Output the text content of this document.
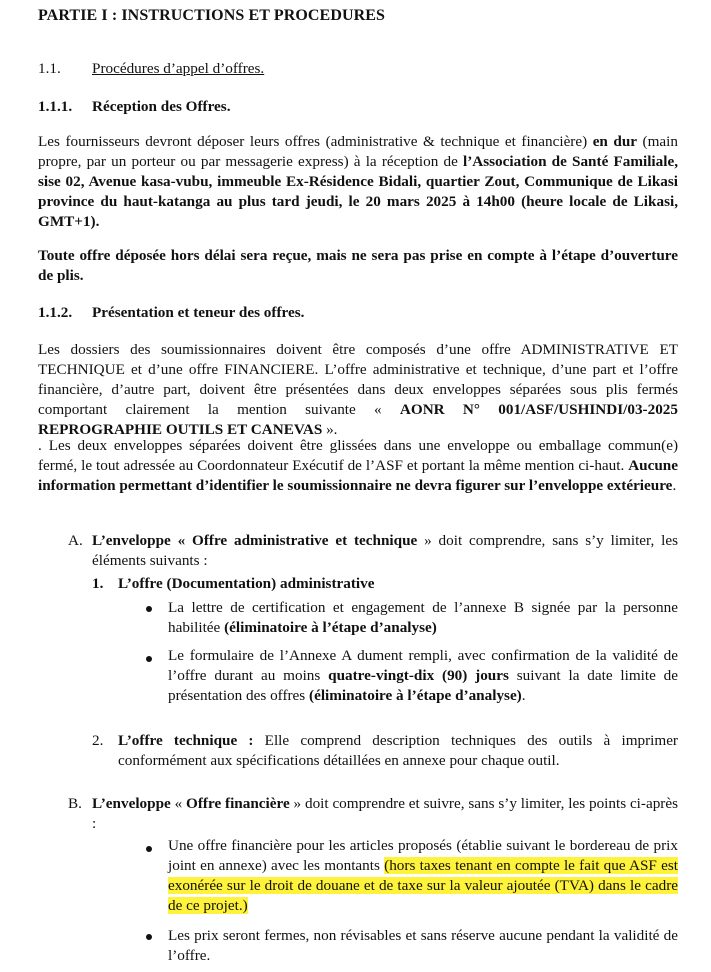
PARTIE I : INSTRUCTIONS ET PROCEDURES

1.1. Procédures d’appel d’offres.

1.1.1. Réception des Offres.

Les fournisseurs devront déposer leurs offres (administrative & technique et financière) en dur (main propre, par un porteur ou par messagerie express) à la réception de l’Association de Santé Familiale, sise 02, Avenue kasa-vubu, immeuble Ex-Résidence Bidali, quartier Zout, Communique de Likasi province du haut-katanga au plus tard jeudi, le 20 mars 2025 à 14h00 (heure locale de Likasi, GMT+1).

Toute offre déposée hors délai sera reçue, mais ne sera pas prise en compte à l’étape d’ouverture de plis.

1.1.2. Présentation et teneur des offres.

Les dossiers des soumissionnaires doivent être composés d’une offre ADMINISTRATIVE ET TECHNIQUE et d’une offre FINANCIERE. L’offre administrative et technique, d’une part et l’offre financière, d’autre part, doivent être présentées dans deux enveloppes séparées sous plis fermés comportant clairement la mention suivante « AONR N° 001/ASF/USHINDI/03-2025 REPROGRAPHIE OUTILS ET CANEVAS ».

. Les deux enveloppes séparées doivent être glissées dans une enveloppe ou emballage commun(e) fermé, le tout adressée au Coordonnateur Exécutif de l’ASF et portant la même mention ci-haut. Aucune information permettant d’identifier le soumissionnaire ne devra figurer sur l’enveloppe extérieure.

A. L’enveloppe « Offre administrative et technique » doit comprendre, sans s’y limiter, les éléments suivants :

1. L’offre (Documentation) administrative

La lettre de certification et engagement de l’annexe B signée par la personne habilitée (éliminatoire à l’étape d’analyse)

Le formulaire de l’Annexe A dument rempli, avec confirmation de la validité de l’offre durant au moins quatre-vingt-dix (90) jours suivant la date limite de présentation des offres (éliminatoire à l’étape d’analyse).

2. L’offre technique : Elle comprend description techniques des outils à imprimer conformément aux spécifications détaillées en annexe pour chaque outil.

B. L’enveloppe « Offre financière » doit comprendre et suivre, sans s’y limiter, les points ci-après :

Une offre financière pour les articles proposés (établie suivant le bordereau de prix joint en annexe) avec les montants (hors taxes tenant en compte le fait que ASF est exonérée sur le droit de douane et de taxe sur la valeur ajoutée (TVA) dans le cadre de ce projet.)

Les prix seront fermes, non révisables et sans réserve aucune pendant la validité de l’offre.
